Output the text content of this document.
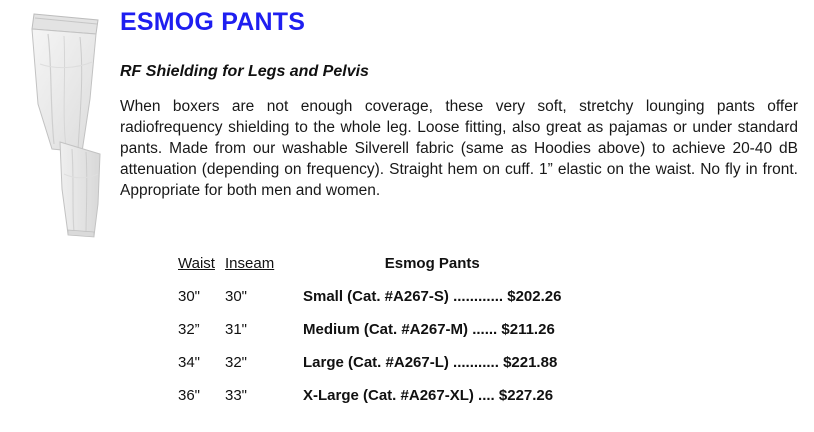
ESMOG PANTS
RF Shielding for Legs and Pelvis

When boxers are not enough coverage, these very soft, stretchy lounging pants offer radiofrequency shielding to the whole leg. Loose fitting, also great as pajamas or under standard pants. Made from our washable Silverell fabric (same as Hoodies above) to achieve 20-40 dB attenuation (depending on frequency). Straight hem on cuff. 1” elastic on the waist. No fly in front. Appropriate for both men and women.

Waist	Inseam	Esmog Pants
30"	30"	Small (Cat. #A267-S) ............ $202.26
32”	31"	Medium (Cat. #A267-M) ...... $211.26
34"	32"	Large (Cat. #A267-L) ........... $221.88
36"	33"	X-Large (Cat. #A267-XL) .... $227.26
